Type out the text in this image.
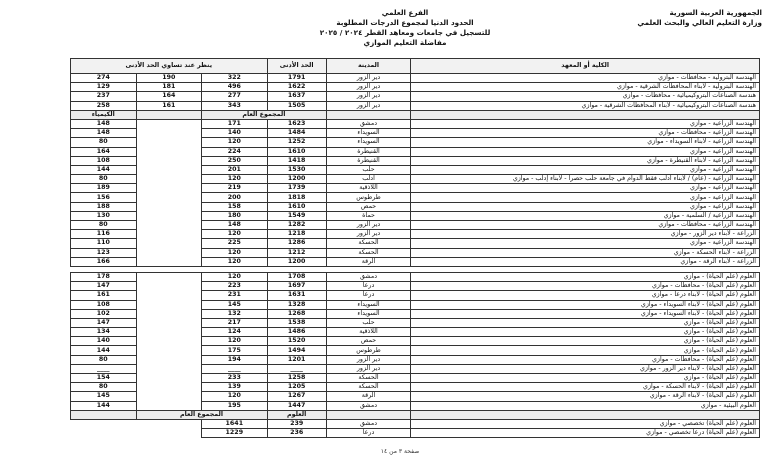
الجمهورية العربية السورية
وزارة التعليم العالي والبحث العلمي
الفرع العلمي
الحدود الدنيا لمجموع الدرجات المطلوبة
للتسجيل في جامعات ومعاهد القطر ٢٠٢٤ / ٢٠٢٥
مفاضلة التعليم الموازي
الكلية أو المعهد	المدينة	الحد الأدنى	ينظر عند تساوي الحد الأدنى		
الهندسة البترولية - محافظات - موازي	دير الزور	1791	322	190	274
الهندسة البترولية - لأبناء المحافظات الشرقية - موازي	دير الزور	1622	496	181	129
هندسة الصناعات البتروكيميائية - محافظات - موازي	دير الزور	1637	277	164	237
هندسة الصناعات البتروكيميائية - لأبناء المحافظات الشرقية - موازي	دير الزور	1505	343	161	258
		المجموع العام			الكيمياء
الهندسة الزراعية - موازي	دمشق	1623	171		148
الهندسة الزراعية - محافظات - موازي	السويداء	1484	140		148
الهندسة الزراعية - لأبناء السويداء - موازي	السويداء	1252	120		80
الهندسة الزراعية - موازي	القنيطرة	1610	224		164
الهندسة الزراعية - لأبناء القنيطرة - موازي	القنيطرة	1418	250		108
الهندسة الزراعية - موازي	حلب	1530	201		144
الهندسة الزراعية - (عام) / لأبناء ادلب فقط الدوام في جامعة حلب حصراً - لأبناء إدلب - موازي	ادلب	1200	120		80
الهندسة الزراعية - موازي	اللاذقية	1739	219		189
الهندسة الزراعية - موازي	طرطوس	1818	200		156
الهندسة الزراعية - موازي	حمص	1610	158		188
الهندسة الزراعية / السلمية - موازي	حماة	1549	180		130
الهندسة الزراعية - محافظات - موازي	دير الزور	1282	148		80
الزراعة - لأبناء دير الزور - موازي	دير الزور	1218	120		116
الهندسة الزراعية - موازي	الحسكة	1286	225		110
الزراعة - لأبناء الحسكة - موازي	الحسكة	1212	120		123
الزراعة - لأبناء الرقة - موازي	الرقة	1200	120		166

العلوم (علم الحياة) - موازي	دمشق	1708	120		178
العلوم (علم الحياة) - محافظات - موازي	درعا	1697	223		147
العلوم (علم الحياة) - لأبناء درعا - موازي	درعا	1631	231		161
العلوم (علم الحياة) - لأبناء السويداء - موازي	السويداء	1328	145		108
العلوم (علم الحياة) - لأبناء السويداء - موازي	السويداء	1268	132		102
العلوم (علم الحياة) - موازي	حلب	1538	217		147
العلوم (علم الحياة) - موازي	اللاذقية	1486	124		134
العلوم (علم الحياة) - موازي	حمص	1520	120		140
العلوم (علم الحياة) - موازي	طرطوس	1494	175		144
العلوم (علم الحياة) - محافظات - موازي	دير الزور	1201	194		80
العلوم (علم الحياة) - لأبناء دير الزور - موازي	دير الزور	____	____		____
العلوم (علم الحياة) - موازي	الحسكة	1258	233		154
العلوم (علم الحياة) - لأبناء الحسكة - موازي	الحسكة	1205	139		80
العلوم (علم الحياة) - لأبناء الرقة - موازي	الرقة	1267	120		145
العلوم البيئية - موازي	دمشق	1447	195		144
		العلوم	المجموع العام		
العلوم (علم الحياة) تخصصي - موازي	دمشق	239	1641		
العلوم (علم الحياة) درعا تخصصي - موازي	درعا	236	1229		
صفحة ٣ من ١٤
